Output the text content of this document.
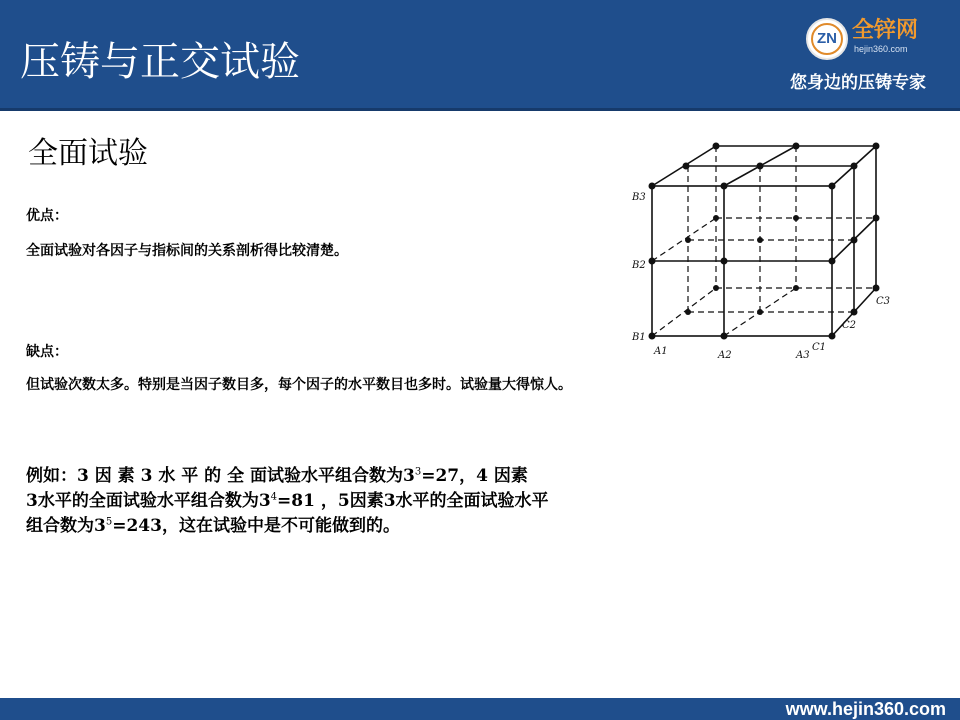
压铸与正交试验
ZN 全锌网
hejin360.com
您身边的压铸专家
全面试验
优点：
全面试验对各因子与指标间的关系剖析得比较清楚。
缺点：
但试验次数太多。特别是当因子数目多，每个因子的水平数目也多时。试验量大得惊人。
例如：3 因 素 3 水 平 的 全 面试验水平组合数为$3^3=27$，4 因素
3水平的全面试验水平组合数为$3^4=81$ ，5因素3水平的全面试验水平
组合数为$3^5=243$，这在试验中是不可能做到的。
B3
B2
B1
A1	A2	A3
C1
C2
C3
www.hejin360.com
